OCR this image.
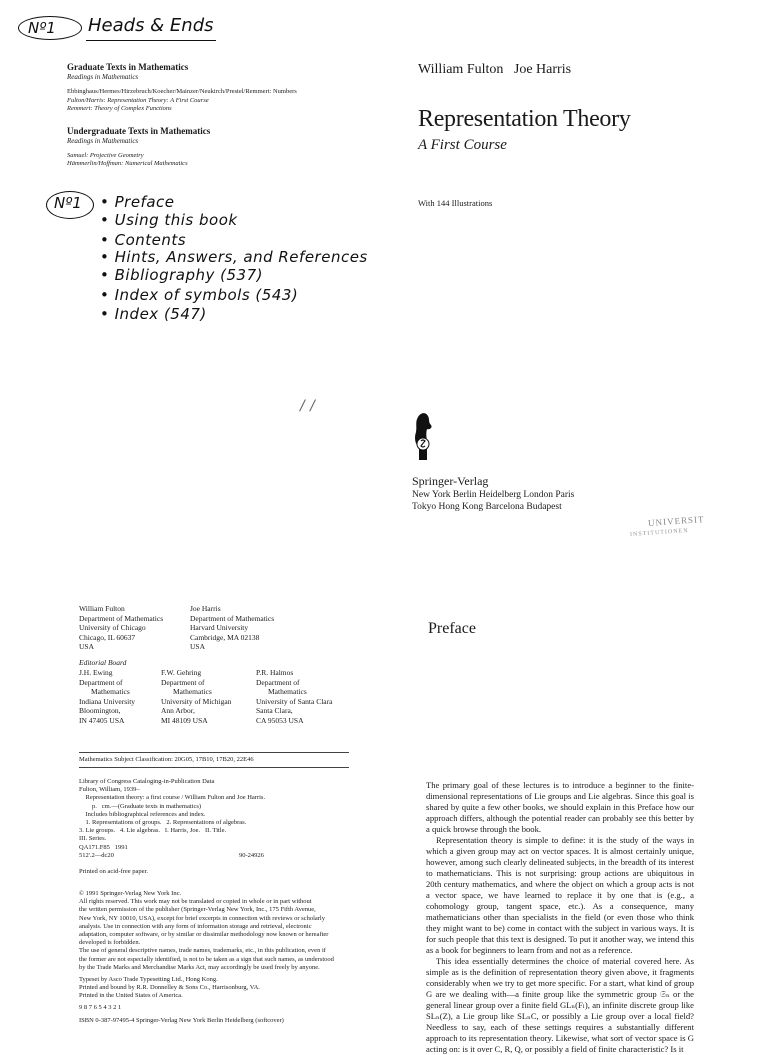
Nº1 Heads & Ends
Graduate Texts in Mathematics
Readings in Mathematics
Ebbinghaus/Hermes/Hirzebruch/Koecher/Mainzer/Neukirch/Prestel/Remmert: Numbers
Fulton/Harris: Representation Theory: A First Course
Remmert: Theory of Complex Functions
Undergraduate Texts in Mathematics
Readings in Mathematics
Samuel: Projective Geometry
Hämmerlin/Hoffman: Numerical Mathematics
Nº1 • Preface
• Using this book
• Contents
• Hints, Answers, and References
• Bibliography (537)
• Index of symbols (543)
• Index (547)
/ /
William Fulton Joe Harris
Representation Theory
A First Course
With 144 Illustrations
Springer-Verlag
New York Berlin Heidelberg London Paris
Tokyo Hong Kong Barcelona Budapest
UNIVERSIT
INSTITUTIONEN
William Fulton
Department of Mathematics
University of Chicago
Chicago, IL 60637
USA
Joe Harris
Department of Mathematics
Harvard University
Cambridge, MA 02138
USA
Editorial Board
J.H. Ewing
Department of
Mathematics
Indiana University
Bloomington,
IN 47405 USA
F.W. Gehring
Department of
Mathematics
University of Michigan
Ann Arbor,
MI 48109 USA
P.R. Halmos
Department of
Mathematics
University of Santa Clara
Santa Clara,
CA 95053 USA
Mathematics Subject Classification: 20G05, 17B10, 17B20, 22E46
Library of Congress Cataloging-in-Publication Data
Fulton, William, 1939–
Representation theory: a first course / William Fulton and Joe Harris.
p.   cm.—(Graduate texts in mathematics)
Includes bibliographical references and index.
1. Representations of groups.   2. Representations of algebras.
3. Lie groups.   4. Lie algebras.   I. Harris, Joe.   II. Title.
III. Series.
QA171.F85   1991
512'.2—dc20	90-24926
Printed on acid-free paper.
© 1991 Springer-Verlag New York Inc.
All rights reserved. This work may not be translated or copied in whole or in part without
the written permission of the publisher (Springer-Verlag New York, Inc., 175 Fifth Avenue,
New York, NY 10010, USA), except for brief excerpts in connection with reviews or scholarly
analysis. Use in connection with any form of information storage and retrieval, electronic
adaptation, computer software, or by similar or dissimilar methodology now known or hereafter
developed is forbidden.
The use of general descriptive names, trade names, trademarks, etc., in this publication, even if
the former are not especially identified, is not to be taken as a sign that such names, as understood
by the Trade Marks and Merchandise Marks Act, may accordingly be used freely by anyone.
Typeset by Asco Trade Typesetting Ltd., Hong Kong.
Printed and bound by R.R. Donnelley & Sons Co., Harrisonburg, VA.
Printed in the United States of America.
9 8 7 6 5 4 3 2 1
ISBN 0-387-97495-4 Springer-Verlag New York Berlin Heidelberg (softcover)
Preface

The primary goal of these lectures is to introduce a beginner to the finite-dimensional representations of Lie groups and Lie algebras. Since this goal is shared by quite a few other books, we should explain in this Preface how our approach differs, although the potential reader can probably see this better by a quick browse through the book.

Representation theory is simple to define: it is the study of the ways in which a given group may act on vector spaces. It is almost certainly unique, however, among such clearly delineated subjects, in the breadth of its interest to mathematicians. This is not surprising: group actions are ubiquitous in 20th century mathematics, and where the object on which a group acts is not a vector space, we have learned to replace it by one that is (e.g., a cohomology group, tangent space, etc.). As a consequence, many mathematicians other than specialists in the field (or even those who think they might want to be) come in contact with the subject in various ways. It is for such people that this text is designed. To put it another way, we intend this as a book for beginners to learn from and not as a reference.

This idea essentially determines the choice of material covered here. As simple as is the definition of representation theory given above, it fragments considerably when we try to get more specific. For a start, what kind of group G are we dealing with—a finite group like the symmetric group 𝔖ₙ or the general linear group over a finite field GLₙ(Fₗ), an infinite discrete group like SLₙ(Z), a Lie group like SLₙC, or possibly a Lie group over a local field? Needless to say, each of these settings requires a substantially different approach to its representation theory. Likewise, what sort of vector space is G acting on: is it over C, R, Q, or possibly a field of finite characteristic? Is it
